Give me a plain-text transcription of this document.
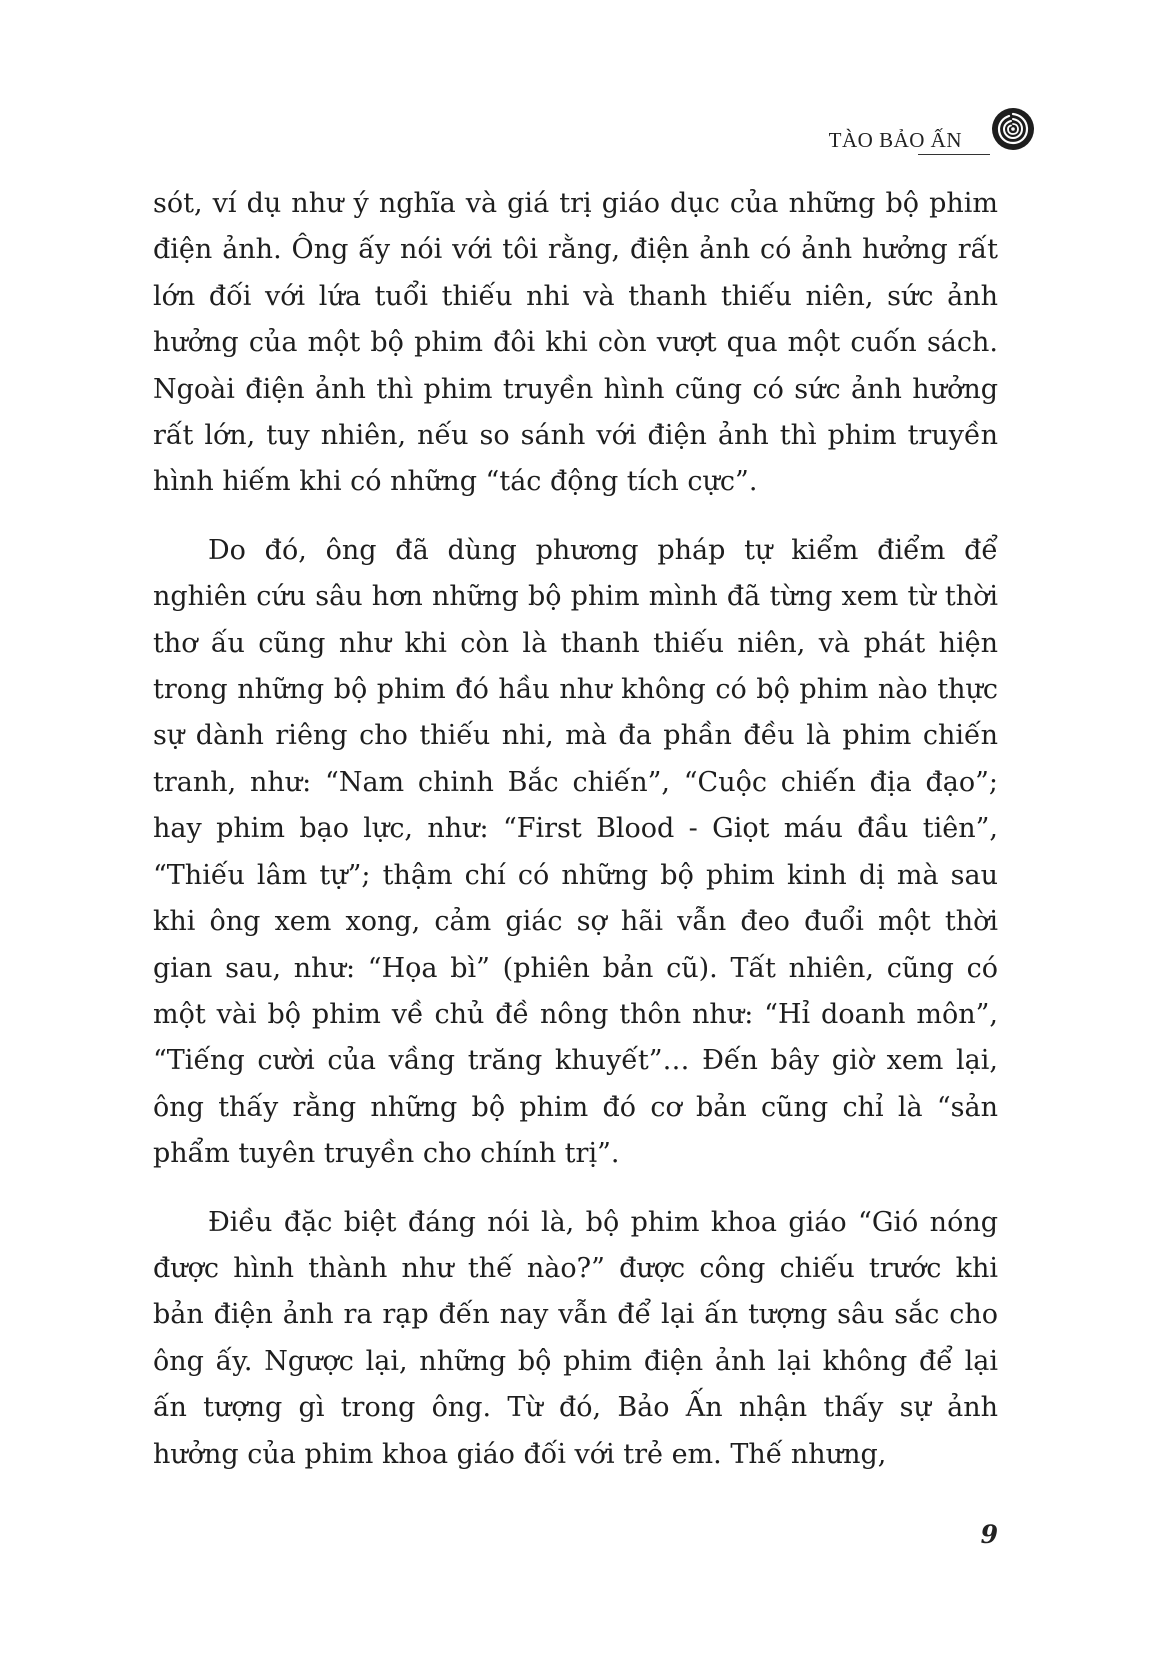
TÀO BẢO ẤN

sót, ví dụ như ý nghĩa và giá trị giáo dục của những bộ phim điện ảnh. Ông ấy nói với tôi rằng, điện ảnh có ảnh hưởng rất lớn đối với lứa tuổi thiếu nhi và thanh thiếu niên, sức ảnh hưởng của một bộ phim đôi khi còn vượt qua một cuốn sách. Ngoài điện ảnh thì phim truyền hình cũng có sức ảnh hưởng rất lớn, tuy nhiên, nếu so sánh với điện ảnh thì phim truyền hình hiếm khi có những “tác động tích cực”.

Do đó, ông đã dùng phương pháp tự kiểm điểm để nghiên cứu sâu hơn những bộ phim mình đã từng xem từ thời thơ ấu cũng như khi còn là thanh thiếu niên, và phát hiện trong những bộ phim đó hầu như không có bộ phim nào thực sự dành riêng cho thiếu nhi, mà đa phần đều là phim chiến tranh, như: “Nam chinh Bắc chiến”, “Cuộc chiến địa đạo”; hay phim bạo lực, như: “First Blood - Giọt máu đầu tiên”, “Thiếu lâm tự”; thậm chí có những bộ phim kinh dị mà sau khi ông xem xong, cảm giác sợ hãi vẫn đeo đuổi một thời gian sau, như: “Họa bì” (phiên bản cũ). Tất nhiên, cũng có một vài bộ phim về chủ đề nông thôn như: “Hỉ doanh môn”, “Tiếng cười của vầng trăng khuyết”… Đến bây giờ xem lại, ông thấy rằng những bộ phim đó cơ bản cũng chỉ là “sản phẩm tuyên truyền cho chính trị”.

Điều đặc biệt đáng nói là, bộ phim khoa giáo “Gió nóng được hình thành như thế nào?” được công chiếu trước khi bản điện ảnh ra rạp đến nay vẫn để lại ấn tượng sâu sắc cho ông ấy. Ngược lại, những bộ phim điện ảnh lại không để lại ấn tượng gì trong ông. Từ đó, Bảo Ấn nhận thấy sự ảnh hưởng của phim khoa giáo đối với trẻ em. Thế nhưng,

9
